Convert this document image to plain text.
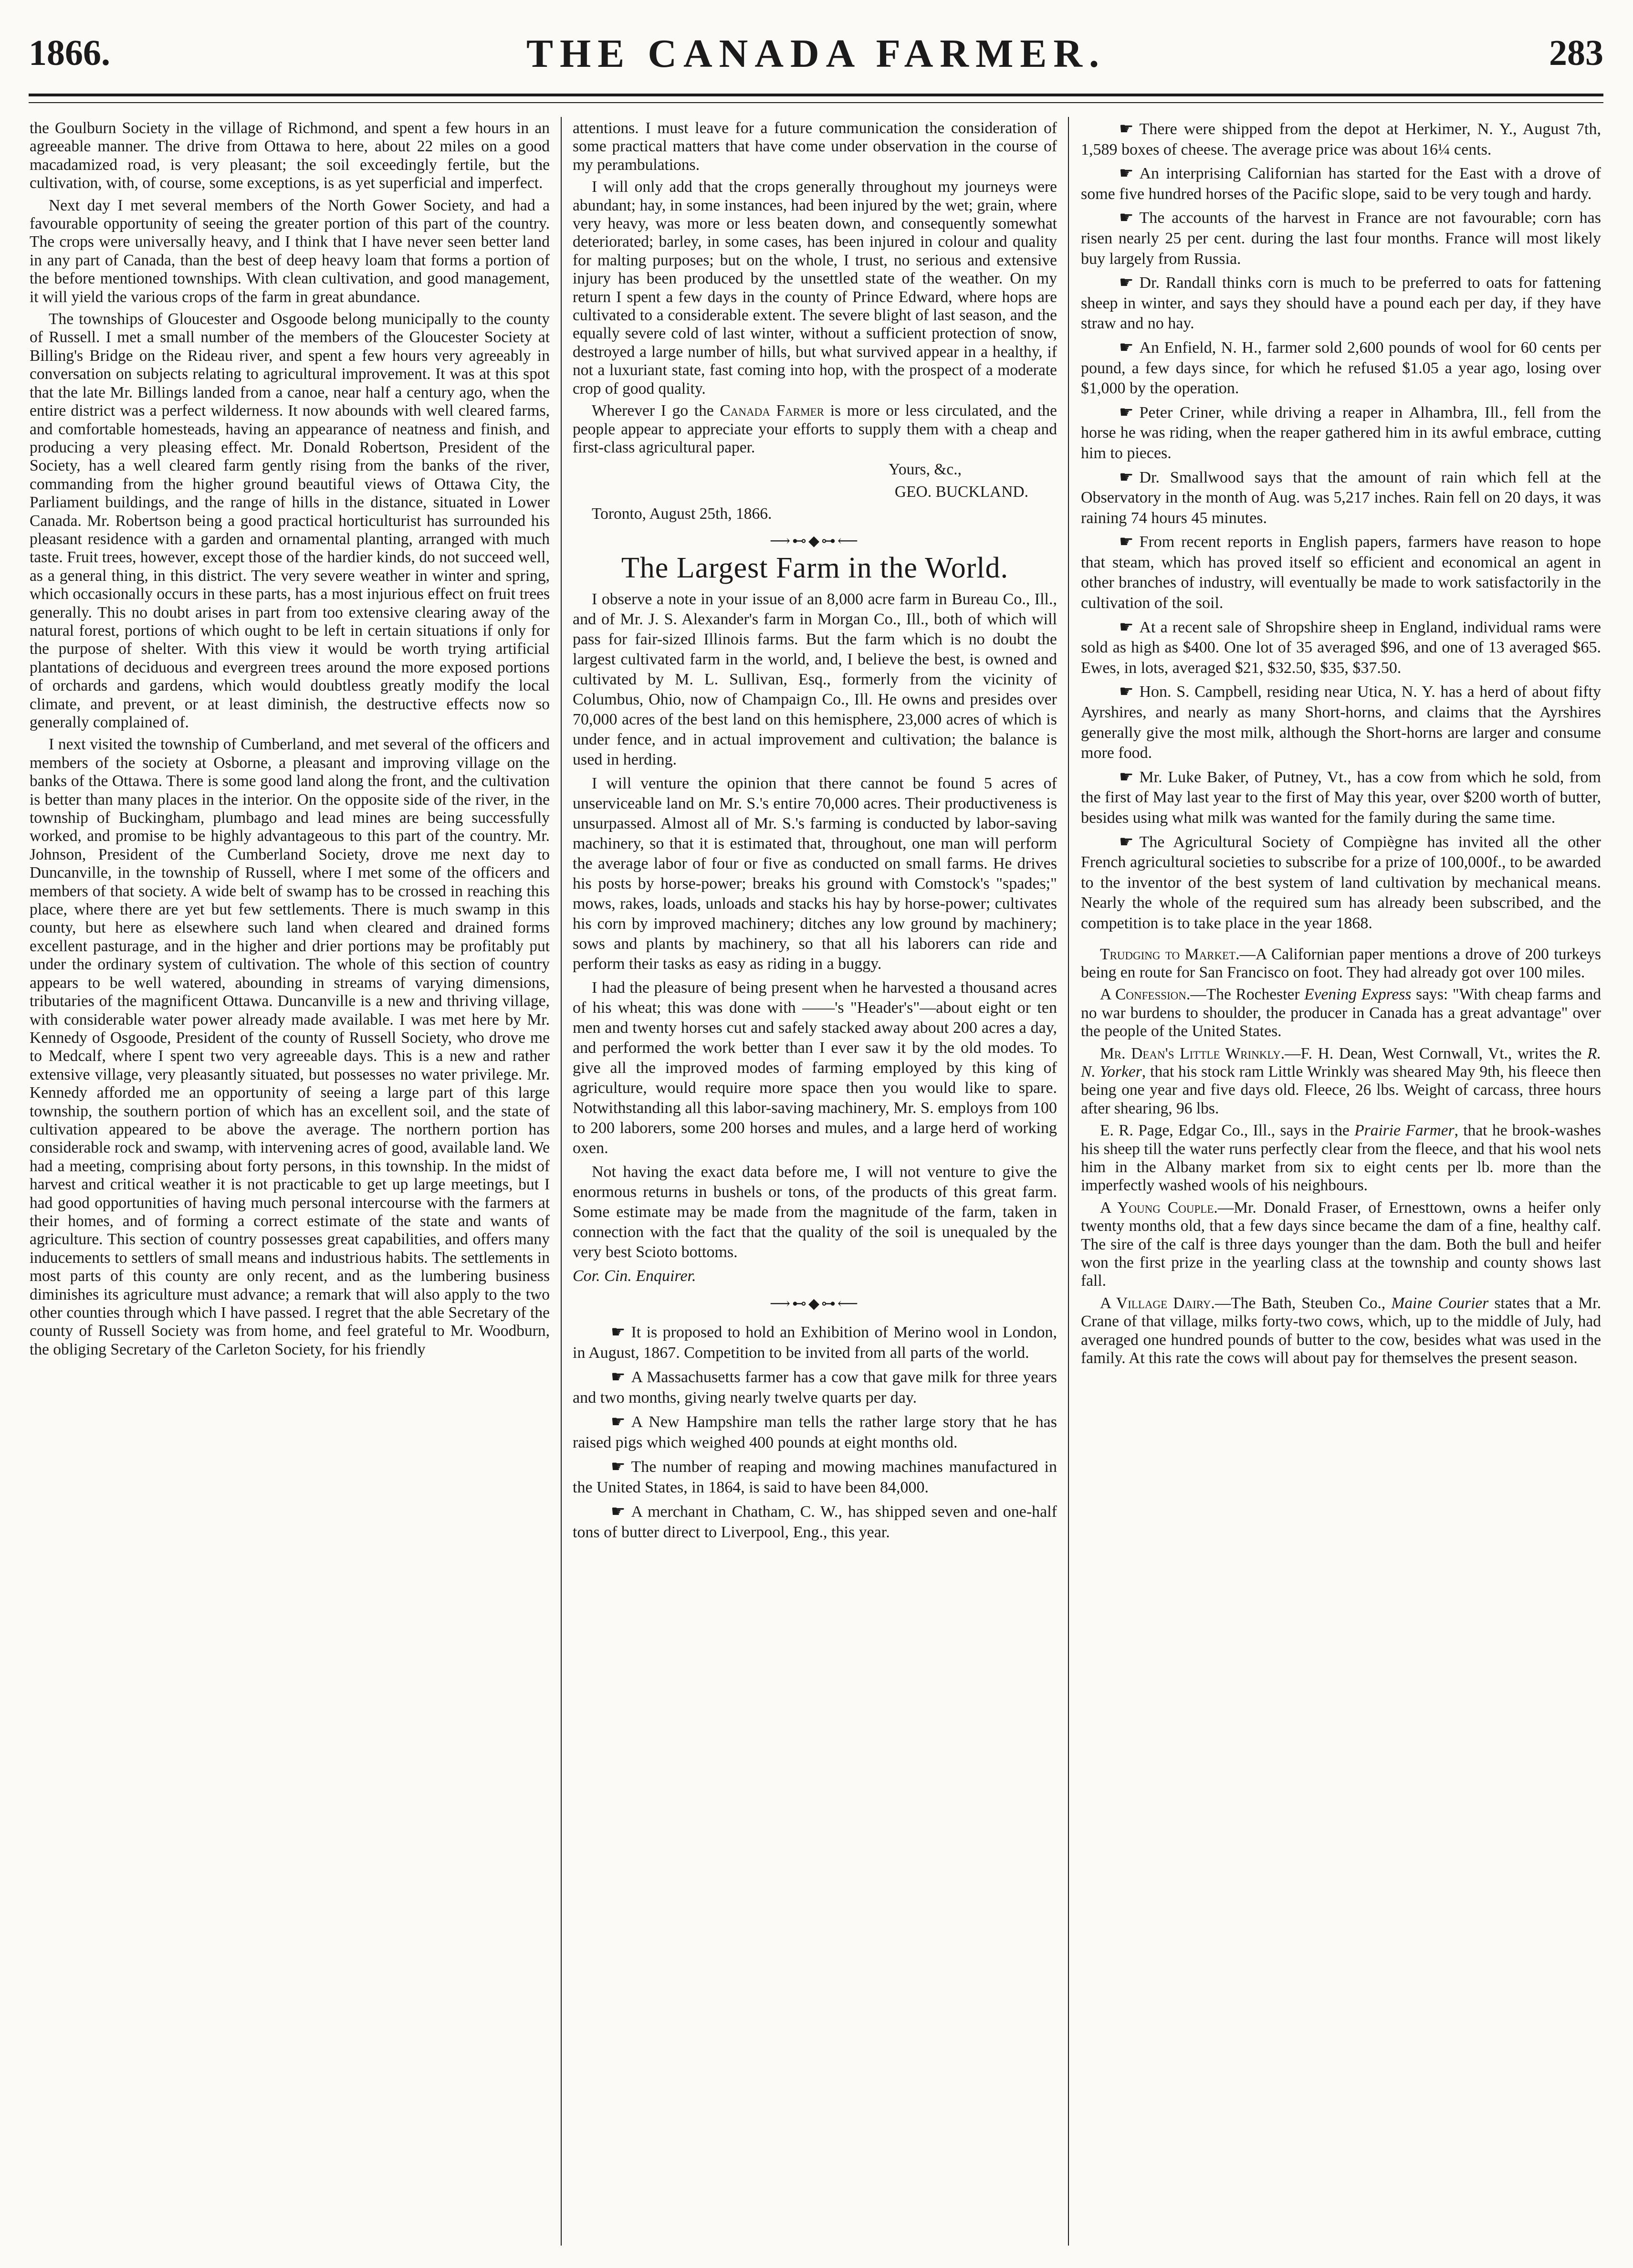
1866.	THE CANADA FARMER.	283

the Goulburn Society in the village of Richmond, and spent a few hours in an agreeable manner. The drive from Ottawa to here, about 22 miles on a good macadamized road, is very pleasant; the soil exceedingly fertile, but the cultivation, with, of course, some exceptions, is as yet superficial and imperfect.

Next day I met several members of the North Gower Society, and had a favourable opportunity of seeing the greater portion of this part of the country. The crops were universally heavy, and I think that I have never seen better land in any part of Canada, than the best of deep heavy loam that forms a portion of the before mentioned townships. With clean cultivation, and good management, it will yield the various crops of the farm in great abundance.

The townships of Gloucester and Osgoode belong municipally to the county of Russell. I met a small number of the members of the Gloucester Society at Billing's Bridge on the Rideau river, and spent a few hours very agreeably in conversation on subjects relating to agricultural improvement. It was at this spot that the late Mr. Billings landed from a canoe, near half a century ago, when the entire district was a perfect wilderness. It now abounds with well cleared farms, and comfortable homesteads, having an appearance of neatness and finish, and producing a very pleasing effect. Mr. Donald Robertson, President of the Society, has a well cleared farm gently rising from the banks of the river, commanding from the higher ground beautiful views of Ottawa City, the Parliament buildings, and the range of hills in the distance, situated in Lower Canada. Mr. Robertson being a good practical horticulturist has surrounded his pleasant residence with a garden and ornamental planting, arranged with much taste. Fruit trees, however, except those of the hardier kinds, do not succeed well, as a general thing, in this district. The very severe weather in winter and spring, which occasionally occurs in these parts, has a most injurious effect on fruit trees generally. This no doubt arises in part from too extensive clearing away of the natural forest, portions of which ought to be left in certain situations if only for the purpose of shelter. With this view it would be worth trying artificial plantations of deciduous and evergreen trees around the more exposed portions of orchards and gardens, which would doubtless greatly modify the local climate, and prevent, or at least diminish, the destructive effects now so generally complained of.

I next visited the township of Cumberland, and met several of the officers and members of the society at Osborne, a pleasant and improving village on the banks of the Ottawa. There is some good land along the front, and the cultivation is better than many places in the interior. On the opposite side of the river, in the township of Buckingham, plumbago and lead mines are being successfully worked, and promise to be highly advantageous to this part of the country. Mr. Johnson, President of the Cumberland Society, drove me next day to Duncanville, in the township of Russell, where I met some of the officers and members of that society. A wide belt of swamp has to be crossed in reaching this place, where there are yet but few settlements. There is much swamp in this county, but here as elsewhere such land when cleared and drained forms excellent pasturage, and in the higher and drier portions may be profitably put under the ordinary system of cultivation. The whole of this section of country appears to be well watered, abounding in streams of varying dimensions, tributaries of the magnificent Ottawa. Duncanville is a new and thriving village, with considerable water power already made available. I was met here by Mr. Kennedy of Osgoode, President of the county of Russell Society, who drove me to Medcalf, where I spent two very agreeable days. This is a new and rather extensive village, very pleasantly situated, but possesses no water privilege. Mr. Kennedy afforded me an opportunity of seeing a large part of this large township, the southern portion of which has an excellent soil, and the state of cultivation appeared to be above the average. The northern portion has considerable rock and swamp, with intervening acres of good, available land. We had a meeting, comprising about forty persons, in this township. In the midst of harvest and critical weather it is not practicable to get up large meetings, but I had good opportunities of having much personal intercourse with the farmers at their homes, and of forming a correct estimate of the state and wants of agriculture. This section of country possesses great capabilities, and offers many inducements to settlers of small means and industrious habits. The settlements in most parts of this county are only recent, and as the lumbering business diminishes its agriculture must advance; a remark that will also apply to the two other counties through which I have passed. I regret that the able Secretary of the county of Russell Society was from home, and feel grateful to Mr. Woodburn, the obliging Secretary of the Carleton Society, for his friendly

attentions. I must leave for a future communication the consideration of some practical matters that have come under observation in the course of my perambulations.

I will only add that the crops generally throughout my journeys were abundant; hay, in some instances, had been injured by the wet; grain, where very heavy, was more or less beaten down, and consequently somewhat deteriorated; barley, in some cases, has been injured in colour and quality for malting purposes; but on the whole, I trust, no serious and extensive injury has been produced by the unsettled state of the weather. On my return I spent a few days in the county of Prince Edward, where hops are cultivated to a considerable extent. The severe blight of last season, and the equally severe cold of last winter, without a sufficient protection of snow, destroyed a large number of hills, but what survived appear in a healthy, if not a luxuriant state, fast coming into hop, with the prospect of a moderate crop of good quality.

Wherever I go the Canada Farmer is more or less circulated, and the people appear to appreciate your efforts to supply them with a cheap and first-class agricultural paper.

Yours, &c.,

GEO. BUCKLAND.

Toronto, August 25th, 1866.

⟶⊷◆⊶⟵
The Largest Farm in the World.

I observe a note in your issue of an 8,000 acre farm in Bureau Co., Ill., and of Mr. J. S. Alexander's farm in Morgan Co., Ill., both of which will pass for fair-sized Illinois farms. But the farm which is no doubt the largest cultivated farm in the world, and, I believe the best, is owned and cultivated by M. L. Sullivan, Esq., formerly from the vicinity of Columbus, Ohio, now of Champaign Co., Ill. He owns and presides over 70,000 acres of the best land on this hemisphere, 23,000 acres of which is under fence, and in actual improvement and cultivation; the balance is used in herding.

I will venture the opinion that there cannot be found 5 acres of unserviceable land on Mr. S.'s entire 70,000 acres. Their productiveness is unsurpassed. Almost all of Mr. S.'s farming is conducted by labor-saving machinery, so that it is estimated that, throughout, one man will perform the average labor of four or five as conducted on small farms. He drives his posts by horse-power; breaks his ground with Comstock's "spades;" mows, rakes, loads, unloads and stacks his hay by horse-power; cultivates his corn by improved machinery; ditches any low ground by machinery; sows and plants by machinery, so that all his laborers can ride and perform their tasks as easy as riding in a buggy.

I had the pleasure of being present when he harvested a thousand acres of his wheat; this was done with ——'s "Header's"—about eight or ten men and twenty horses cut and safely stacked away about 200 acres a day, and performed the work better than I ever saw it by the old modes. To give all the improved modes of farming employed by this king of agriculture, would require more space then you would like to spare. Notwithstanding all this labor-saving machinery, Mr. S. employs from 100 to 200 laborers, some 200 horses and mules, and a large herd of working oxen.

Not having the exact data before me, I will not venture to give the enormous returns in bushels or tons, of the products of this great farm. Some estimate may be made from the magnitude of the farm, taken in connection with the fact that the quality of the soil is unequaled by the very best Scioto bottoms.

Cor. Cin. Enquirer.

⟶⊷◆⊶⟵

☛ It is proposed to hold an Exhibition of Merino wool in London, in August, 1867. Competition to be invited from all parts of the world.

☛ A Massachusetts farmer has a cow that gave milk for three years and two months, giving nearly twelve quarts per day.

☛ A New Hampshire man tells the rather large story that he has raised pigs which weighed 400 pounds at eight months old.

☛ The number of reaping and mowing machines manufactured in the United States, in 1864, is said to have been 84,000.

☛ A merchant in Chatham, C. W., has shipped seven and one-half tons of butter direct to Liverpool, Eng., this year.

☛ There were shipped from the depot at Herkimer, N. Y., August 7th, 1,589 boxes of cheese. The average price was about 16¼ cents.

☛ An interprising Californian has started for the East with a drove of some five hundred horses of the Pacific slope, said to be very tough and hardy.

☛ The accounts of the harvest in France are not favourable; corn has risen nearly 25 per cent. during the last four months. France will most likely buy largely from Russia.

☛ Dr. Randall thinks corn is much to be preferred to oats for fattening sheep in winter, and says they should have a pound each per day, if they have straw and no hay.

☛ An Enfield, N. H., farmer sold 2,600 pounds of wool for 60 cents per pound, a few days since, for which he refused $1.05 a year ago, losing over $1,000 by the operation.

☛ Peter Criner, while driving a reaper in Alhambra, Ill., fell from the horse he was riding, when the reaper gathered him in its awful embrace, cutting him to pieces.

☛ Dr. Smallwood says that the amount of rain which fell at the Observatory in the month of Aug. was 5,217 inches. Rain fell on 20 days, it was raining 74 hours 45 minutes.

☛ From recent reports in English papers, farmers have reason to hope that steam, which has proved itself so efficient and economical an agent in other branches of industry, will eventually be made to work satisfactorily in the cultivation of the soil.

☛ At a recent sale of Shropshire sheep in England, individual rams were sold as high as $400. One lot of 35 averaged $96, and one of 13 averaged $65. Ewes, in lots, averaged $21, $32.50, $35, $37.50.

☛ Hon. S. Campbell, residing near Utica, N. Y. has a herd of about fifty Ayrshires, and nearly as many Short-horns, and claims that the Ayrshires generally give the most milk, although the Short-horns are larger and consume more food.

☛ Mr. Luke Baker, of Putney, Vt., has a cow from which he sold, from the first of May last year to the first of May this year, over $200 worth of butter, besides using what milk was wanted for the family during the same time.

☛ The Agricultural Society of Compiègne has invited all the other French agricultural societies to subscribe for a prize of 100,000f., to be awarded to the inventor of the best system of land cultivation by mechanical means. Nearly the whole of the required sum has already been subscribed, and the competition is to take place in the year 1868.

Trudging to Market.—A Californian paper mentions a drove of 200 turkeys being en route for San Francisco on foot. They had already got over 100 miles.

A Confession.—The Rochester Evening Express says: "With cheap farms and no war burdens to shoulder, the producer in Canada has a great advantage" over the people of the United States.

Mr. Dean's Little Wrinkly.—F. H. Dean, West Cornwall, Vt., writes the R. N. Yorker, that his stock ram Little Wrinkly was sheared May 9th, his fleece then being one year and five days old. Fleece, 26 lbs. Weight of carcass, three hours after shearing, 96 lbs.

E. R. Page, Edgar Co., Ill., says in the Prairie Farmer, that he brook-washes his sheep till the water runs perfectly clear from the fleece, and that his wool nets him in the Albany market from six to eight cents per lb. more than the imperfectly washed wools of his neighbours.

A Young Couple.—Mr. Donald Fraser, of Ernesttown, owns a heifer only twenty months old, that a few days since became the dam of a fine, healthy calf. The sire of the calf is three days younger than the dam. Both the bull and heifer won the first prize in the yearling class at the township and county shows last fall.

A Village Dairy.—The Bath, Steuben Co., Maine Courier states that a Mr. Crane of that village, milks forty-two cows, which, up to the middle of July, had averaged one hundred pounds of butter to the cow, besides what was used in the family. At this rate the cows will about pay for themselves the present season.
